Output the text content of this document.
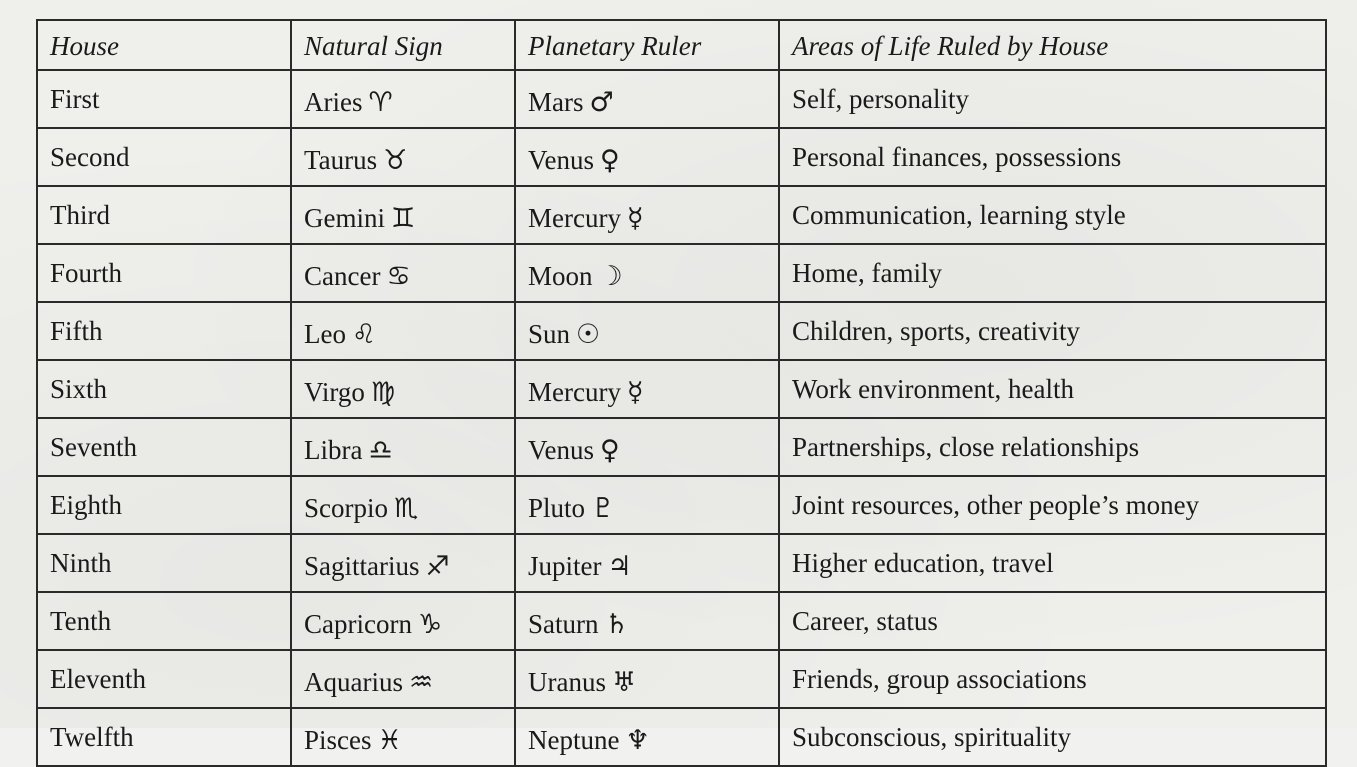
House	Natural Sign	Planetary Ruler	Areas of Life Ruled by House
First	Aries ♈	Mars ♂	Self, personality
Second	Taurus ♉	Venus ♀	Personal finances, possessions
Third	Gemini ♊	Mercury ☿	Communication, learning style
Fourth	Cancer ♋	Moon ☽	Home, family
Fifth	Leo ♌	Sun ☉	Children, sports, creativity
Sixth	Virgo ♍	Mercury ☿	Work environment, health
Seventh	Libra ♎	Venus ♀	Partnerships, close relationships
Eighth	Scorpio ♏	Pluto ♇	Joint resources, other people’s money
Ninth	Sagittarius ♐	Jupiter ♃	Higher education, travel
Tenth	Capricorn ♑	Saturn ♄	Career, status
Eleventh	Aquarius ♒	Uranus ♅	Friends, group associations
Twelfth	Pisces ♓	Neptune ♆	Subconscious, spirituality
